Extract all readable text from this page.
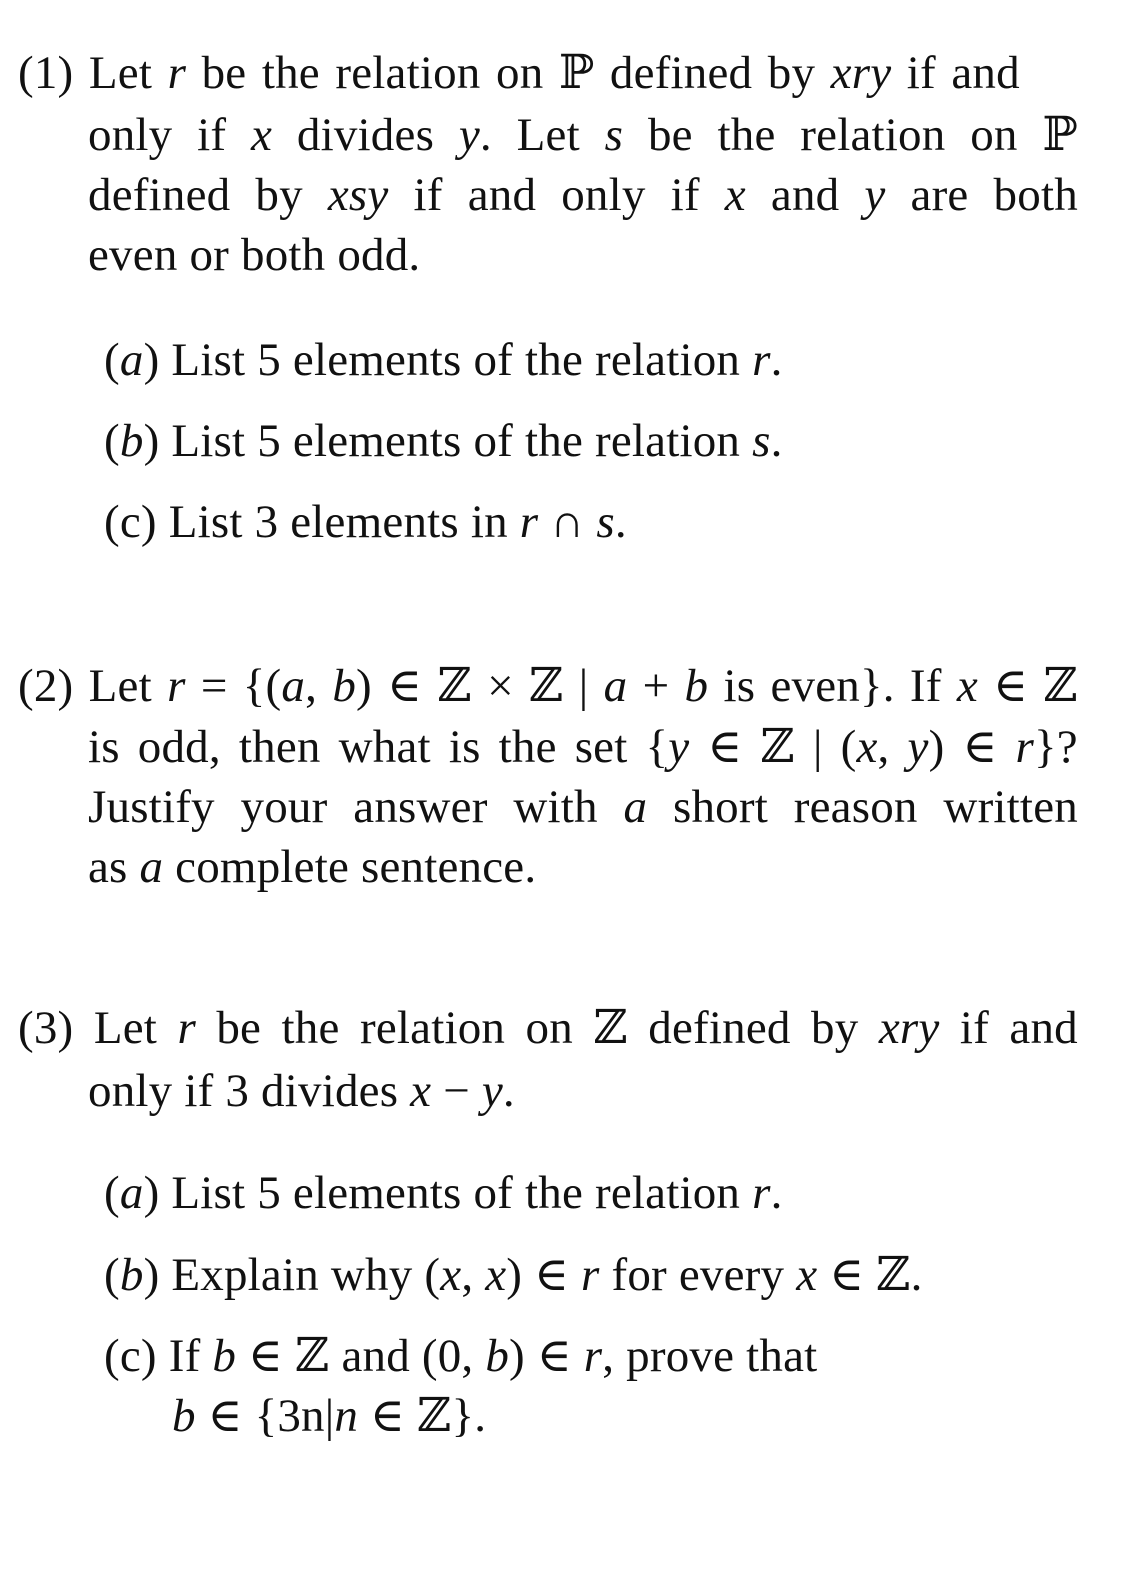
(1) Let r be the relation on ℙ defined by xry if and
only if x divides y. Let s be the relation on ℙ
defined by xsy if and only if x and y are both
even or both odd.
(a) List 5 elements of the relation r.
(b) List 5 elements of the relation s.
(c) List 3 elements in r ∩ s.
(2) Let r = {(a, b) ∈ ℤ × ℤ | a + b is even}. If x ∈ ℤ
is odd, then what is the set {y ∈ ℤ | (x, y) ∈ r}?
Justify your answer with a short reason written
as a complete sentence.
(3) Let r be the relation on ℤ defined by xry if and
only if 3 divides x − y.
(a) List 5 elements of the relation r.
(b) Explain why (x, x) ∈ r for every x ∈ ℤ.
(c) If b ∈ ℤ and (0, b) ∈ r, prove that
b ∈ {3n|n ∈ ℤ}.
